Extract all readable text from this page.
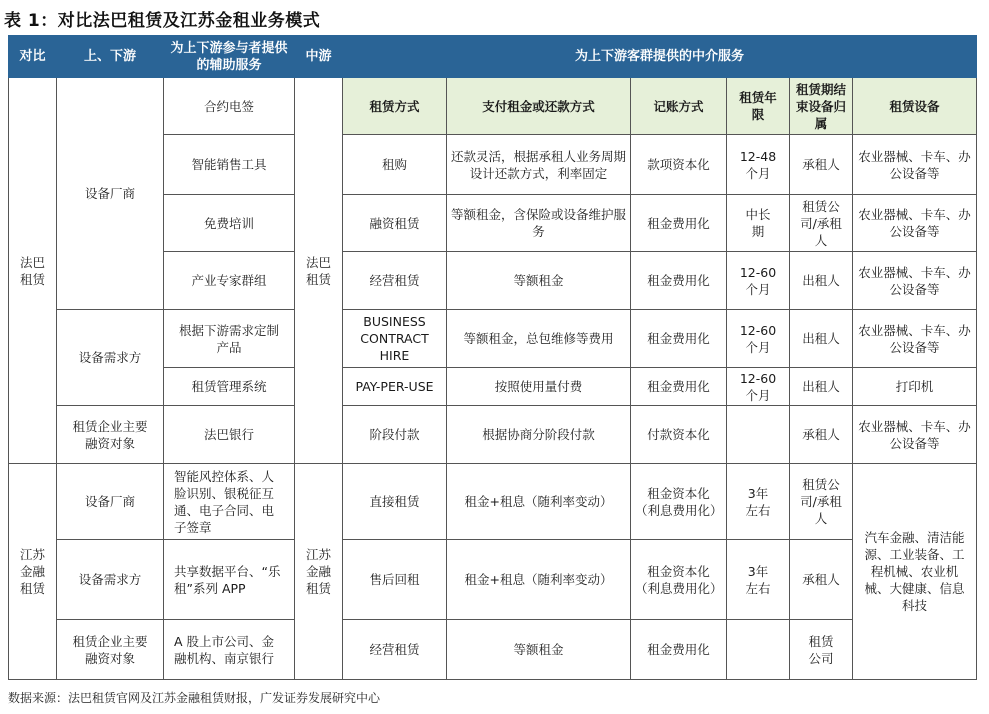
表 1：对比法巴租赁及江苏金租业务模式
对比	上、下游	为上下游参与者提供的辅助服务	中游	为上下游客群提供的中介服务					
法巴租赁	设备厂商	合约电签	法巴租赁	租赁方式	支付租金或还款方式	记账方式	租赁年限	租赁期结束设备归属	租赁设备
		智能销售工具		租购	还款灵活，根据承租人业务周期设计还款方式，利率固定	款项资本化	12-48个月	承租人	农业器械、卡车、办公设备等
		免费培训		融资租赁	等额租金，含保险或设备维护服务	租金费用化	中长期	租赁公司/承租人	农业器械、卡车、办公设备等
		产业专家群组		经营租赁	等额租金	租金费用化	12-60个月	出租人	农业器械、卡车、办公设备等
	设备需求方	根据下游需求定制产品		BUSINESS CONTRACT HIRE	等额租金，总包维修等费用	租金费用化	12-60个月	出租人	农业器械、卡车、办公设备等
		租赁管理系统		PAY-PER-USE	按照使用量付费	租金费用化	12-60个月	出租人	打印机
	租赁企业主要融资对象	法巴银行		阶段付款	根据协商分阶段付款	付款资本化		承租人	农业器械、卡车、办公设备等
江苏金融租赁	设备厂商	智能风控体系、人脸识别、银税征互通、电子合同、电子签章	江苏金融租赁	直接租赁	租金+租息（随利率变动）	租金资本化（利息费用化）	3年左右	租赁公司/承租人	汽车金融、清洁能源、工业装备、工程机械、农业机械、大健康、信息科技
	设备需求方	共享数据平台、“乐租”系列 APP		售后回租	租金+租息（随利率变动）	租金资本化（利息费用化）	3年左右	承租人	
	租赁企业主要融资对象	A 股上市公司、金融机构、南京银行		经营租赁	等额租金	租金费用化		租赁公司	
数据来源：法巴租赁官网及江苏金融租赁财报，广发证券发展研究中心
